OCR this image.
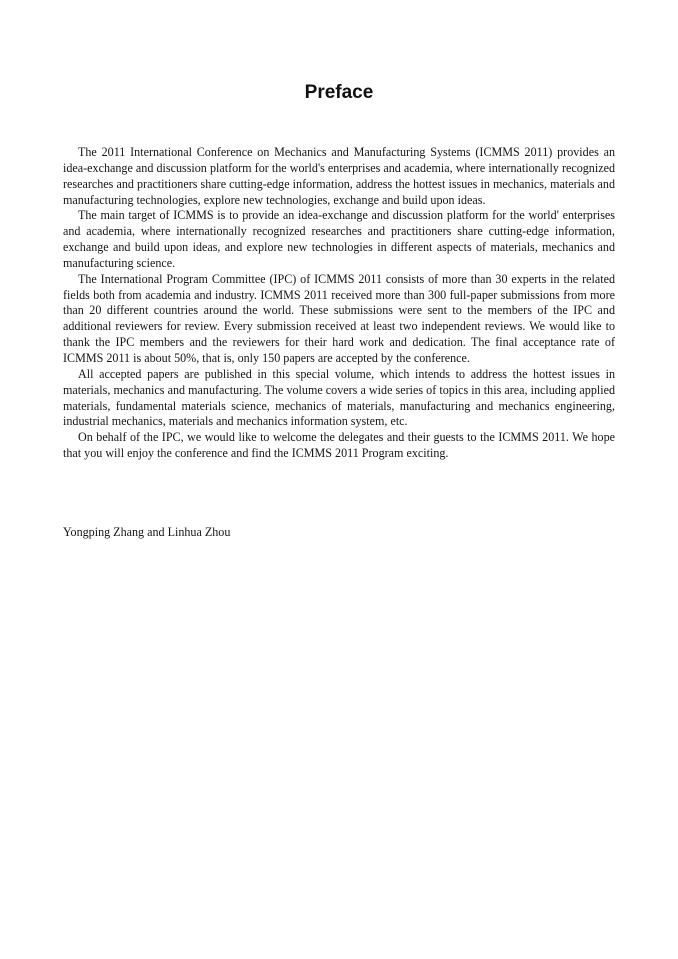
Preface

The 2011 International Conference on Mechanics and Manufacturing Systems (ICMMS 2011) provides an idea-exchange and discussion platform for the world's enterprises and academia, where internationally recognized researches and practitioners share cutting-edge information, address the hottest issues in mechanics, materials and manufacturing technologies, explore new technologies, exchange and build upon ideas.

The main target of ICMMS is to provide an idea-exchange and discussion platform for the world' enterprises and academia, where internationally recognized researches and practitioners share cutting-edge information, exchange and build upon ideas, and explore new technologies in different aspects of materials, mechanics and manufacturing science.

The International Program Committee (IPC) of ICMMS 2011 consists of more than 30 experts in the related fields both from academia and industry. ICMMS 2011 received more than 300 full-paper submissions from more than 20 different countries around the world. These submissions were sent to the members of the IPC and additional reviewers for review. Every submission received at least two independent reviews. We would like to thank the IPC members and the reviewers for their hard work and dedication. The final acceptance rate of ICMMS 2011 is about 50%, that is, only 150 papers are accepted by the conference.

All accepted papers are published in this special volume, which intends to address the hottest issues in materials, mechanics and manufacturing. The volume covers a wide series of topics in this area, including applied materials, fundamental materials science, mechanics of materials, manufacturing and mechanics engineering, industrial mechanics, materials and mechanics information system, etc.

On behalf of the IPC, we would like to welcome the delegates and their guests to the ICMMS 2011. We hope that you will enjoy the conference and find the ICMMS 2011 Program exciting.

Yongping Zhang and Linhua Zhou
